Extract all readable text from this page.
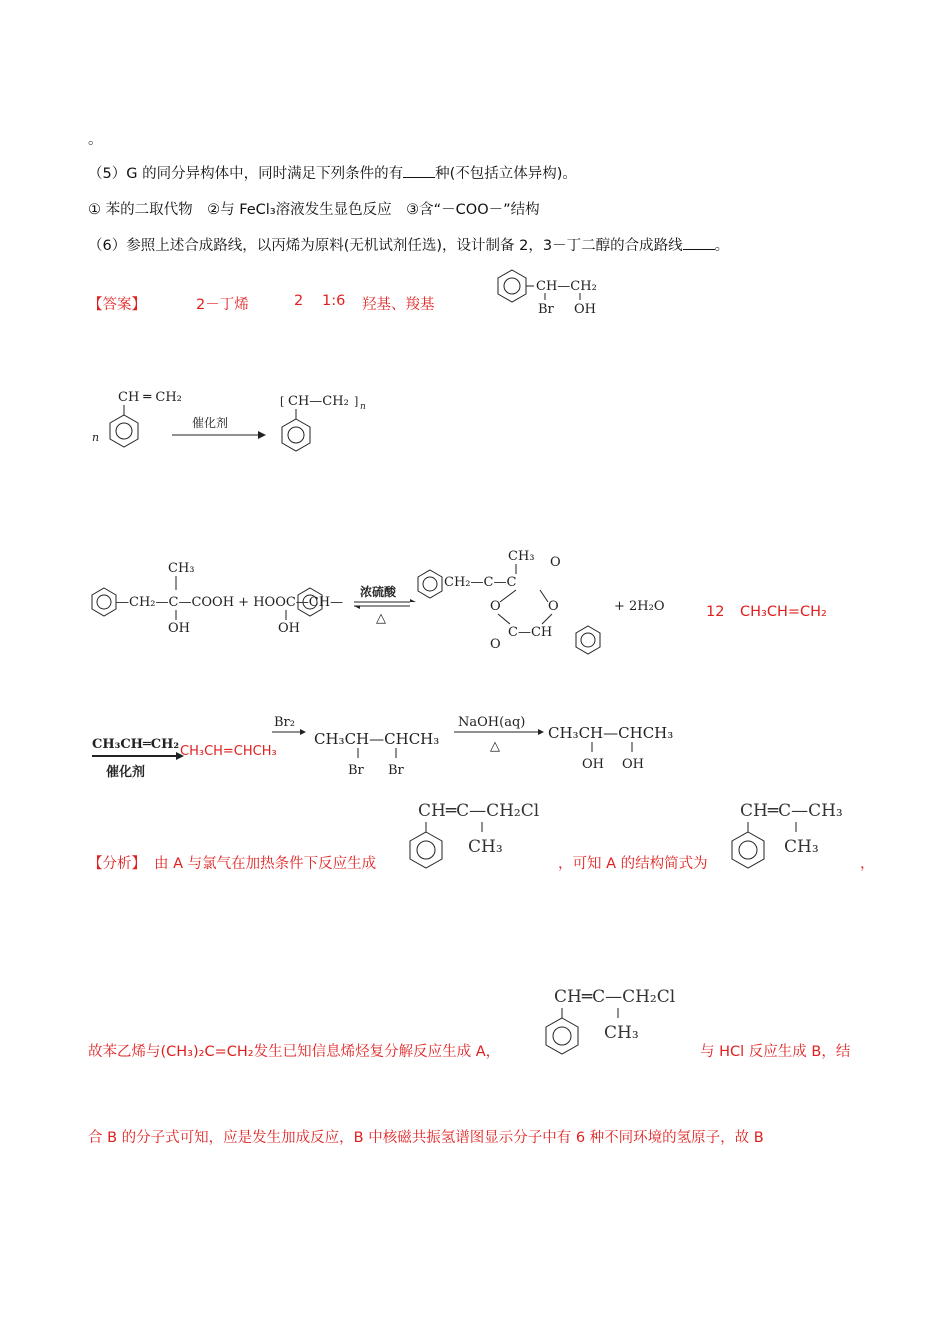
。
（5）G 的同分异构体中，同时满足下列条件的有 种(不包括立体异构)。
① 苯的二取代物　②与 FeCl₃溶液发生显色反应　③含“－COO－”结构
（6）参照上述合成路线，以丙烯为原料(无机试剂任选)，设计制备 2，3－丁二醇的合成路线 。
【答案】	2－丁烯	2 1:6 羟基、羧基
CH—CH₂
Br OH
n
CH ═ CH₂
催化剂
[ CH—CH₂ ] n
CH₃
—CH₂—C—COOH + HOOC—CH—
OH	OH
浓硫酸
△
CH₂—C—C
CH₃ O
O	O
C—CH
O
+ 2H₂O	12 CH₃CH=CH₂
CH₃CH═CH₂
催化剂
Br₂
CH₃CH—CHCH₃
Br Br
NaOH(aq)
△
CH₃CH—CHCH₃
OH OH
CH₃CH=CHCH₃
【分析】 由 A 与氯气在加热条件下反应生成
CH═C—CH₂Cl
CH₃
，可知 A 的结构简式为
CH═C—CH₃
CH₃
，
故苯乙烯与(CH₃)₂C=CH₂发生已知信息烯烃复分解反应生成 A，
CH═C—CH₂Cl
CH₃
与 HCl 反应生成 B，结
合 B 的分子式可知，应是发生加成反应，B 中核磁共振氢谱图显示分子中有 6 种不同环境的氢原子，故 B
